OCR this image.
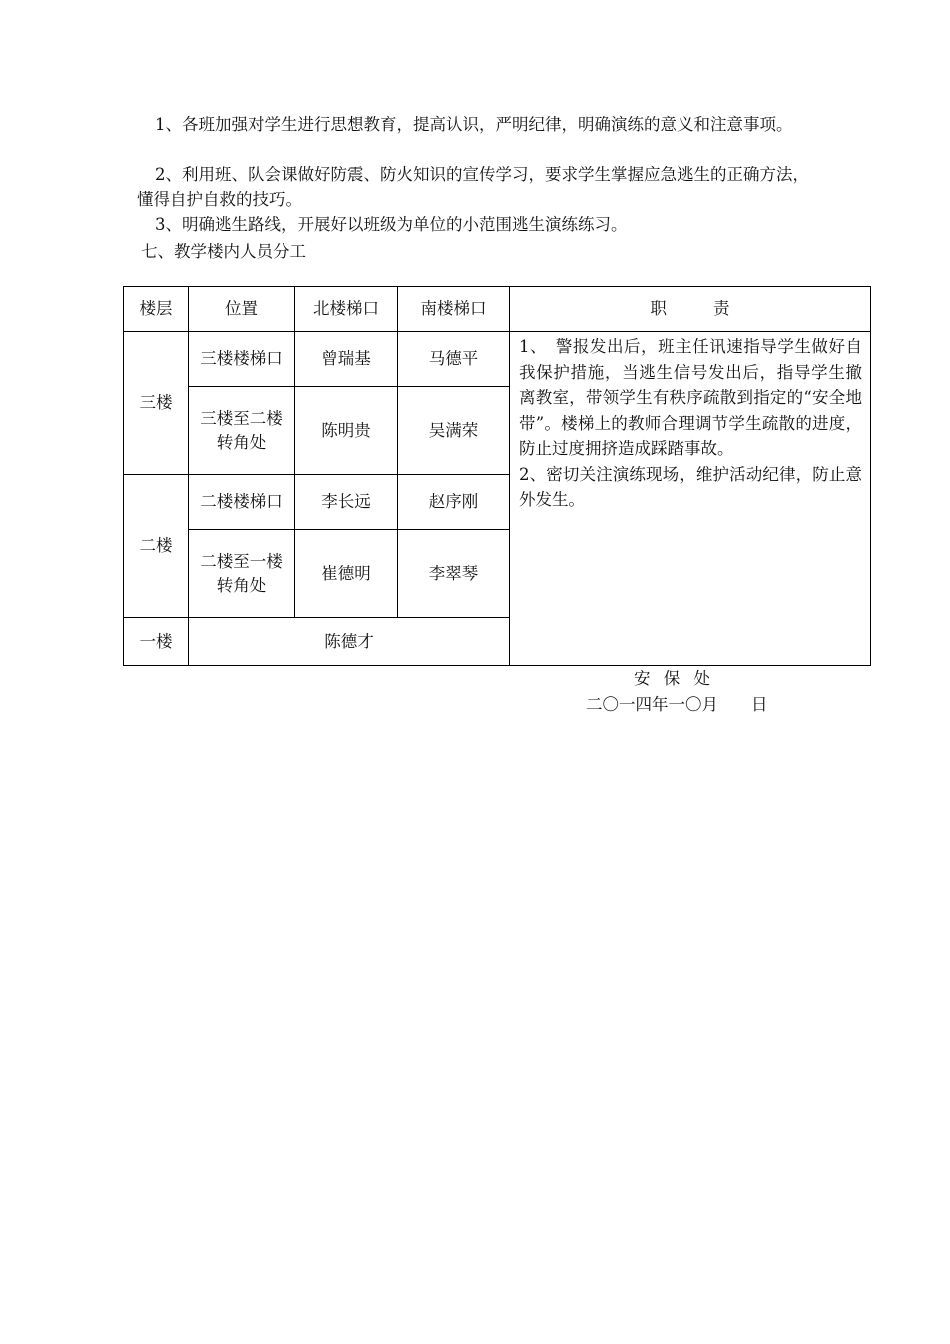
1、各班加强对学生进行思想教育，提高认识，严明纪律，明确演练的意义和注意事项。

2、利用班、队会课做好防震、防火知识的宣传学习，要求学生掌握应急逃生的正确方法，懂得自护自救的技巧。

3、明确逃生路线，开展好以班级为单位的小范围逃生演练练习。

七、教学楼内人员分工

楼层	位置	北楼梯口	南楼梯口	职 责
三楼	三楼楼梯口	曾瑞基	马德平	1、　警报发出后，班主任讯速指导学生做好自我保护措施，当逃生信号发出后，指导学生撤离教室，带领学生有秩序疏散到指定的“安全地带”。楼梯上的教师合理调节学生疏散的进度，防止过度拥挤造成踩踏事故。
2、密切关注演练现场，维护活动纪律，防止意外发生。

	三楼至二楼转角处	陈明贵	吴满荣	
二楼	二楼楼梯口	李长远	赵序刚	
	二楼至一楼转角处	崔德明	李翠琴	
一楼	陈德才			
安 保 处
二〇一四年一〇月　　日
